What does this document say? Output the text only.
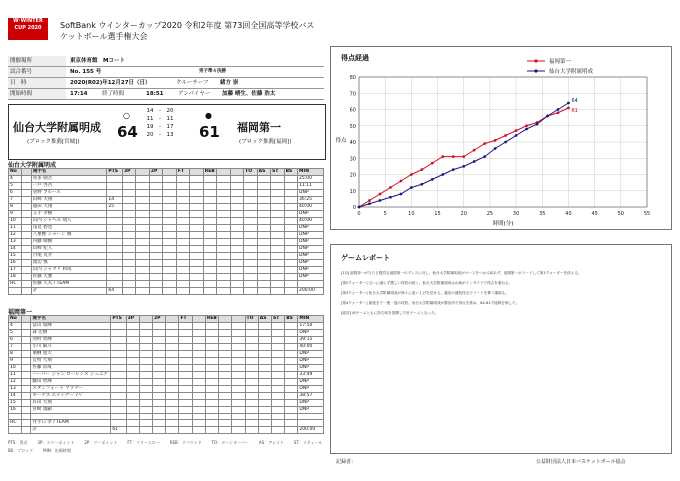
W·WINTER CUP 2020	SoftBank ウインターカップ2020 令和2年度 第73回全国高等学校バス
ケットボール選手権大会
開催場所	東京体育館　Mコート
試合番号	No. 155 号	男子準々決勝
日　時	2020(R02)年12月27日（日）	クルーチーフ	緒方 崇
開始時間	17:14	終了時間	18:51	アンパイヤー	加藤 晴生、佐藤 浩太
仙台大学附属明成
(ブロック推薦[宮城])
○
64
14　-　20
11　-　11
19　-　17
20　-　13
●
61 福岡第一
(ブロック推薦[福岡])
仙台大学附属明成
No		選手名	PTS	3P		2P		FT		REB			TO	AS	ST	BS	MIN
4		喜多 励音															25:00
5		一戸 啓吾															11:11
6		菅野 ブルース															DNP
7		山崎 大翔	14														36:25
8		越田 大翔	25														40:00
9		玉手 孝樹															DNP
10		山内 ジャヘル 琉人															40:00
11		浅見 碧也															DNP
12		八重樫 ショーン 維															DNP
13		内藤 晴樹															DNP
14		山崎 紀人															DNP
15		丹尾 丸介															DNP
16		渡辺 慎															DNP
17		山内 ジャマリ 和哉															DNP
18		佐藤 大雅															DNP
HC		佐藤 久夫 / TEAM															
		計	64														200:00
福岡第一
No		選手名	PTS	3P		2P		FT		REB			TO	AS	ST	BS	MIN
4		當山 瑞輝															17:50
5		森 宏樹															DNP
6		河村 勇輝															39:15
7		小川 麻斗															40:00
8		栗栖 寛大															DNP
9		荒牧 大翔															DNP
10		佐藤 涼成															DNP
11		ハーパー ジャン ローレンス ジュニア															33:49
12		藤田 智輝															DNP
13		スタンフォード マラマー															DNP
14		キーナス エディナー 7リ															38:57
15		有田 大翔															DNP
16		宮崎 康嗣															DNP

HC		井手口 孝 / TEAM															
		計	61														200:00
PTS：得点	3P：スリーポイント	2P：ツーポイント	FT：フリースロー	REB：リバウンド	TO：ターンオーバー	AS：アシスト	ST：スティール
BS：ブロック	MIN：出場時間
得点経過
0
10
20
30
40
50
60
70
80
0	5	10	15	20	25	30	35	40	45	50	55
時間(分)
得点
61
福岡第一
64
仙台大学附属明成
ゲームレポート
[1Q] 福岡第一が当たる強烈な福岡第一のプレスに対し、仙台大学附属明成がペースをつかみ切れず、福岡第一がリードして第1クォーターを終える。
[第2クォーター] 互いに譲らず激しい攻防が続く。仙台大学附属明成は山崎がインサイドで得点を重ねる。
[第3クォーター] 仙台大学附属明成が徐々に追い上げを見せる。越田の連続得点でリードを奪う場面も。
[第4クォーター] 最後まで一進一退の攻防。仙台大学附属明成が勝負所で得点を重ね、64-61で接戦を制した。
[総評] 両チームともに持ち味を発揮した好ゲームとなった。
記録者：	公益財団法人日本バスケットボール協会
